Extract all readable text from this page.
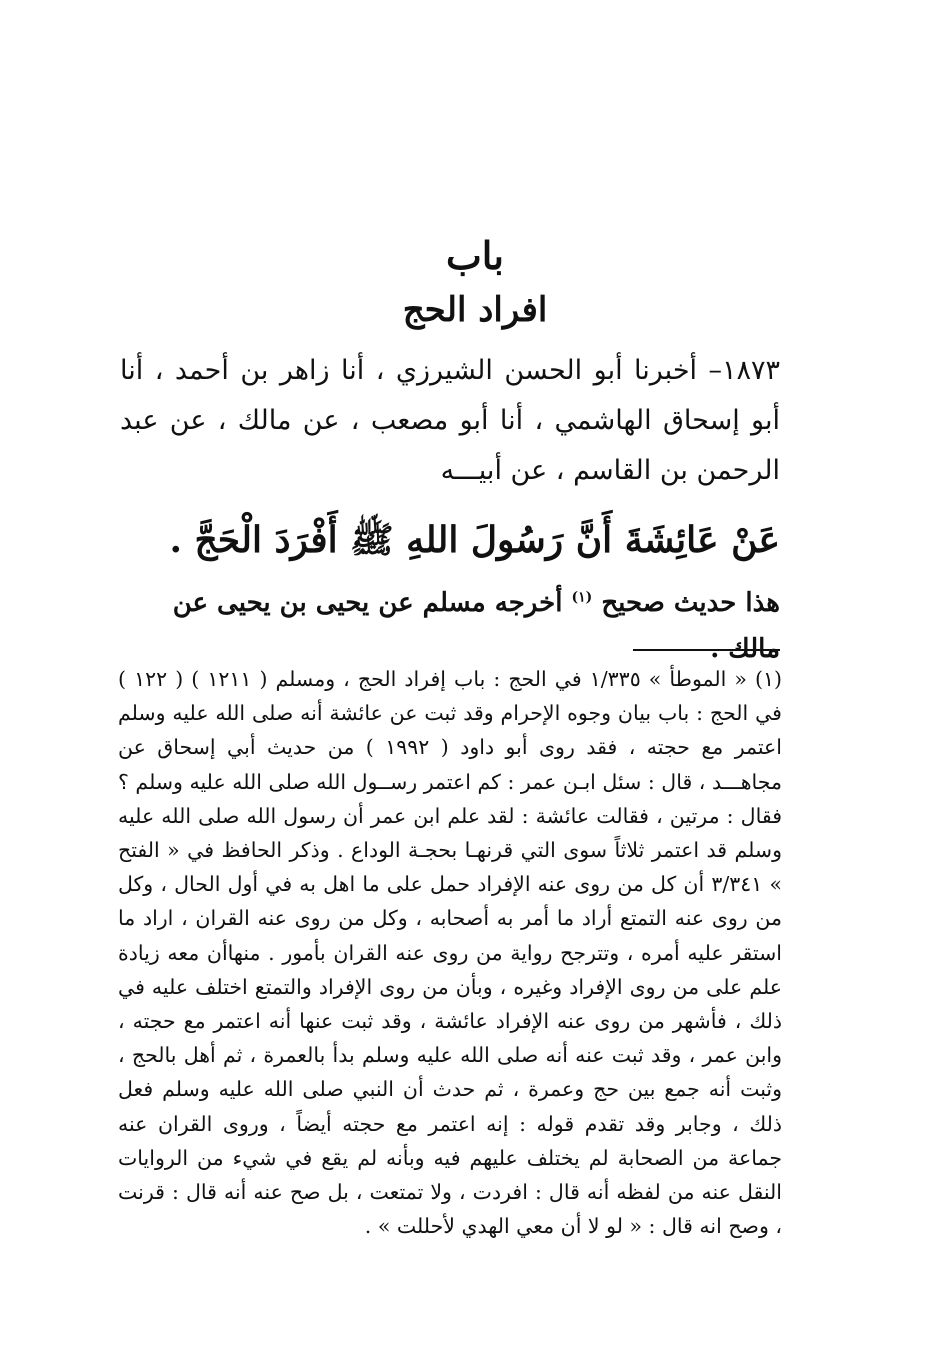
باب
افراد الحج

١٨٧٣– أخبرنا أبو الحسن الشيرزي ، أنا زاهر بن أحمد ، أنا أبو إسحاق الهاشمي ، أنا أبو مصعب ، عن مالك ، عن عبد الرحمن بن القاسم ، عن أبيـــه

عَنْ عَائِشَةَ أَنَّ رَسُولَ اللهِ ﷺ أَفْرَدَ الْحَجَّ .
هذا حديث صحيح $^{(١)}$ أخرجه مسلم عن يحيى بن يحيى عن مالك .

(١) « الموطأ » ١/٣٣٥ في الحج : باب إفراد الحج ، ومسلم ( ١٢١١ ) ( ١٢٢ ) في الحج : باب بيان وجوه الإحرام وقد ثبت عن عائشة أنه صلى الله عليه وسلم اعتمر مع حجته ، فقد روى أبو داود ( ١٩٩٢ ) من حديث أبي إسحاق عن مجاهـــد ، قال : سئل ابـن عمر : كم اعتمر رســول الله صلى الله عليه وسلم ؟ فقال : مرتين ، فقالت عائشة : لقد علم ابن عمر أن رسول الله صلى الله عليه وسلم قد اعتمر ثلاثاً سوى التي قرنهـا بحجـة الوداع . وذكر الحافظ في « الفتح » ٣/٣٤١ أن كل من روى عنه الإفراد حمل على ما اهل به في أول الحال ، وكل من روى عنه التمتع أراد ما أمر به أصحابه ، وكل من روى عنه القران ، اراد ما استقر عليه أمره ، وتترجح رواية من روى عنه القران بأمور . منهاأن معه زيادة علم على من روى الإفراد وغيره ، وبأن من روى الإفراد والتمتع اختلف عليه في ذلك ، فأشهر من روى عنه الإفراد عائشة ، وقد ثبت عنها أنه اعتمر مع حجته ، وابن عمر ، وقد ثبت عنه أنه صلى الله عليه وسلم بدأ بالعمرة ، ثم أهل بالحج ، وثبت أنه جمع بين حج وعمرة ، ثم حدث أن النبي صلى الله عليه وسلم فعل ذلك ، وجابر وقد تقدم قوله : إنه اعتمر مع حجته أيضاً ، وروى القران عنه جماعة من الصحابة لم يختلف عليهم فيه وبأنه لم يقع في شيء من الروايات النقل عنه من لفظه أنه قال : افردت ، ولا تمتعت ، بل صح عنه أنه قال : قرنت ، وصح انه قال : « لو لا أن معي الهدي لأحللت » .
